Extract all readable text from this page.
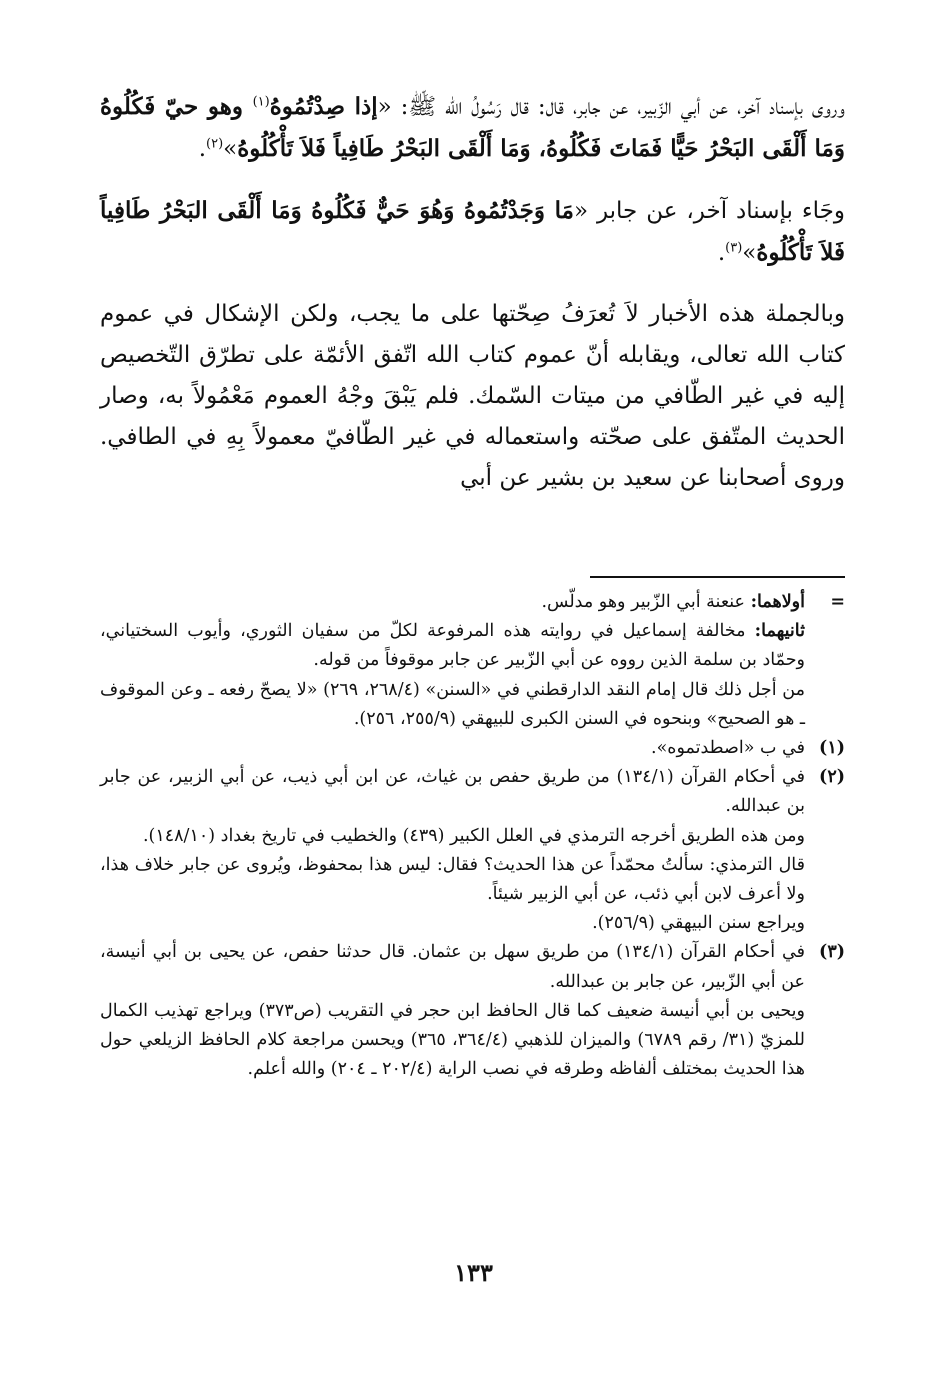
وروى بإسناد آخر، عن أبي الزّبير، عن جابر، قال: قال رَسُولُ الله ﷺ: «إذا صِدْتُمُوهُ$^{(١)}$ وهو حيّ فَكُلُوهُ وَمَا أَلْقَى البَحْرُ حَيًّا فَمَاتَ فَكُلُوهُ، وَمَا أَلْقَى البَحْرُ طَافِياً فَلاَ تَأْكُلُوهُ»$^{(٢)}$.
وجَاء بإسناد آخر، عن جابر «مَا وَجَدْتُمُوهُ وَهُوَ حَيٌّ فَكُلُوهُ وَمَا أَلْقَى البَحْرُ طَافِياً فَلاَ تَأْكُلُوهُ»$^{(٣)}$.

وبالجملة هذه الأخبار لاَ تُعرَفُ صِحّتها على ما يجب، ولكن الإشكال في عموم كتاب الله تعالى، ويقابله أنّ عموم كتاب الله اتّفق الأئمّة على تطرّق التّخصيص إليه في غير الطّافي من ميتات السّمك. فلم يَبْقَ وجْهُ العموم مَعْمُولاً به، وصار الحديث المتّفق على صحّته واستعماله في غير الطّافيّ معمولاً بِهِ في الطافي. وروى أصحابنا عن سعيد بن بشير عن أبي

=

أولاهما: عنعنة أبي الزّبير وهو مدلّس.

ثانيهما: مخالفة إسماعيل في روايته هذه المرفوعة لكلّ من سفيان الثوري، وأيوب السختياني، وحمّاد بن سلمة الذين رووه عن أبي الزّبير عن جابر موقوفاً من قوله.

من أجل ذلك قال إمام النقد الدارقطني في «السنن» (٢٦٨/٤، ٢٦٩) «لا يصحّ رفعه ـ وعن الموقوف ـ هو الصحيح» وبنحوه في السنن الكبرى للبيهقي (٢٥٥/٩، ٢٥٦).

(١)

في ب «اصطدتموه».

(٢)

في أحكام القرآن (١٣٤/١) من طريق حفص بن غياث، عن ابن أبي ذيب، عن أبي الزبير، عن جابر بن عبدالله.

ومن هذه الطريق أخرجه الترمذي في العلل الكبير (٤٣٩) والخطيب في تاريخ بغداد (١٤٨/١٠).

قال الترمذي: سألتُ محمّداً عن هذا الحديث؟ فقال: ليس هذا بمحفوظ، ويُروى عن جابر خلاف هذا، ولا أعرف لابن أبي ذئب، عن أبي الزبير شيئاً.

ويراجع سنن البيهقي (٢٥٦/٩).

(٣)

في أحكام القرآن (١٣٤/١) من طريق سهل بن عثمان. قال حدثنا حفص، عن يحيى بن أبي أنيسة، عن أبي الزّبير، عن جابر بن عبدالله.

ويحيى بن أبي أنيسة ضعيف كما قال الحافظ ابن حجر في التقريب (ص٣٧٣) ويراجع تهذيب الكمال للمزيّ (٣١/ رقم ٦٧٨٩) والميزان للذهبي (٣٦٤/٤، ٣٦٥) ويحسن مراجعة كلام الحافظ الزيلعي حول هذا الحديث بمختلف ألفاظه وطرقه في نصب الراية (٢٠٢/٤ ـ ٢٠٤) والله أعلم.

١٣٣
